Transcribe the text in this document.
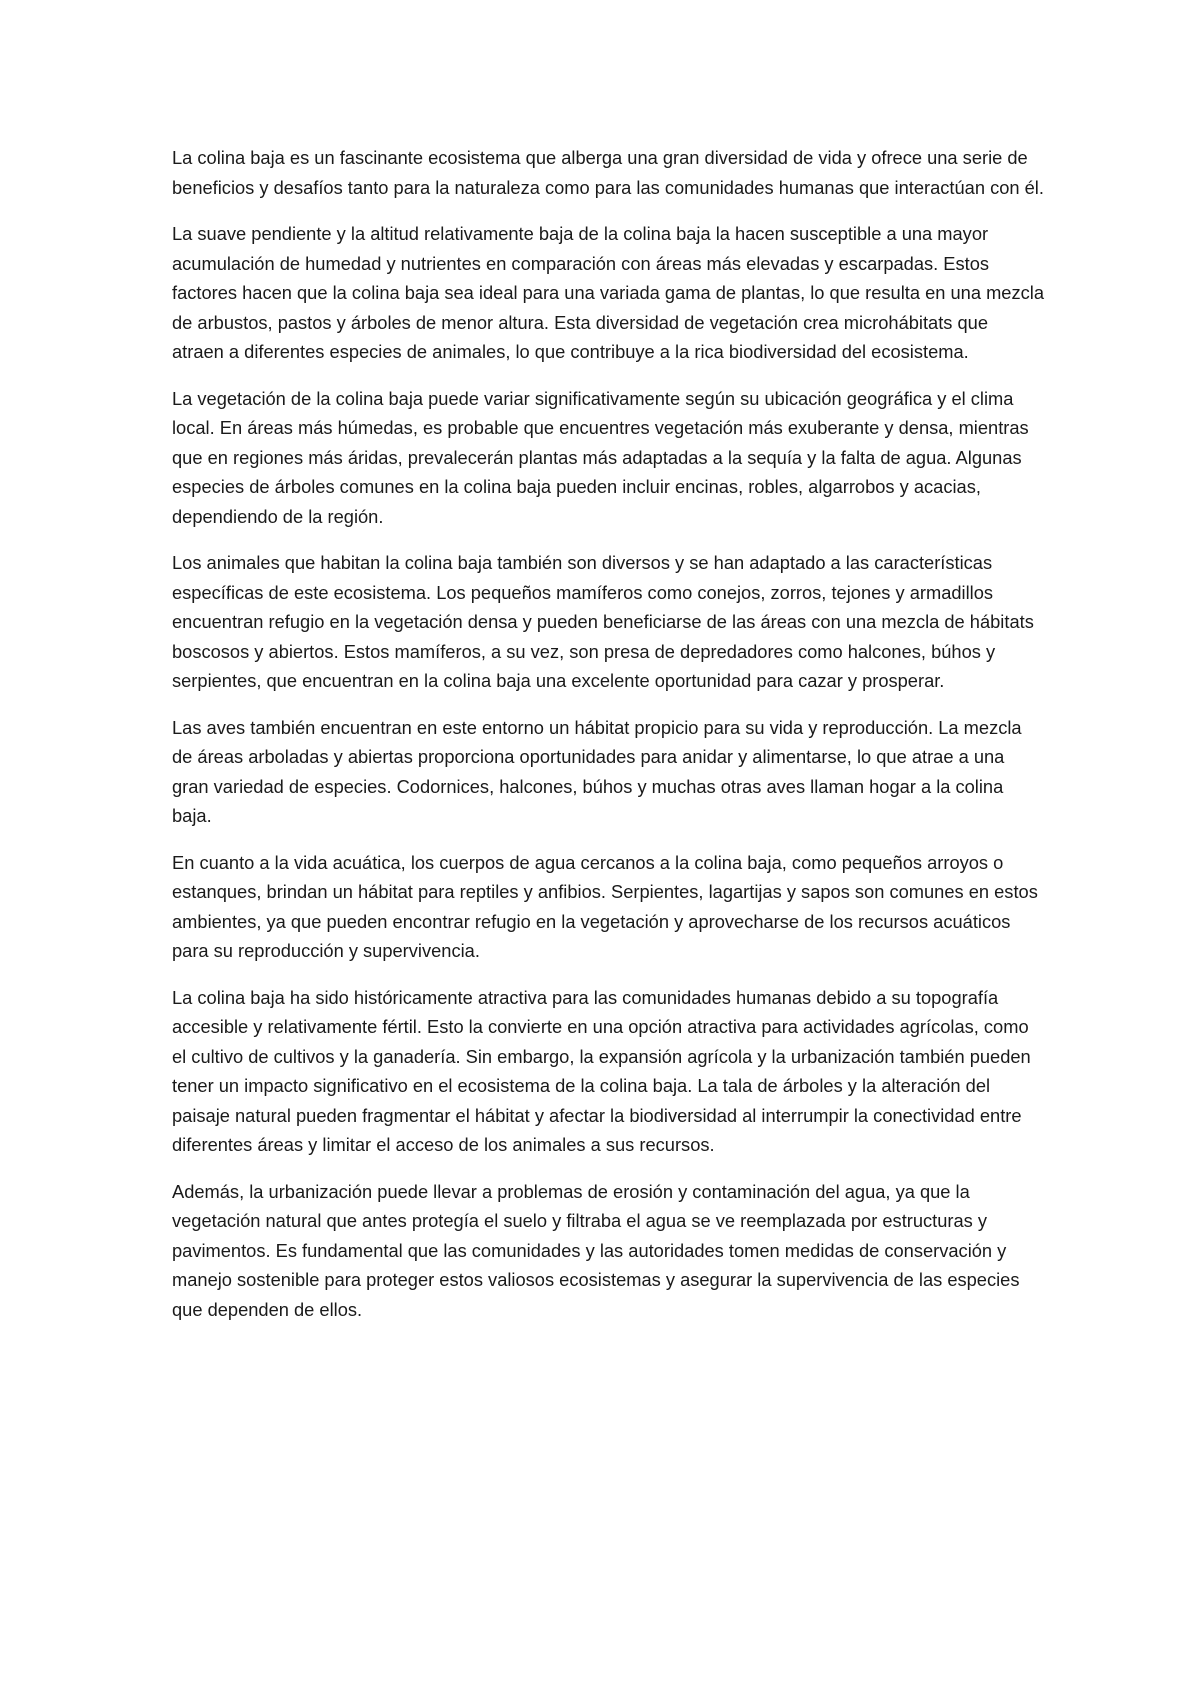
La colina baja es un fascinante ecosistema que alberga una gran diversidad de vida y ofrece una serie de beneficios y desafíos tanto para la naturaleza como para las comunidades humanas que interactúan con él.

La suave pendiente y la altitud relativamente baja de la colina baja la hacen susceptible a una mayor acumulación de humedad y nutrientes en comparación con áreas más elevadas y escarpadas. Estos factores hacen que la colina baja sea ideal para una variada gama de plantas, lo que resulta en una mezcla de arbustos, pastos y árboles de menor altura. Esta diversidad de vegetación crea microhábitats que atraen a diferentes especies de animales, lo que contribuye a la rica biodiversidad del ecosistema.

La vegetación de la colina baja puede variar significativamente según su ubicación geográfica y el clima local. En áreas más húmedas, es probable que encuentres vegetación más exuberante y densa, mientras que en regiones más áridas, prevalecerán plantas más adaptadas a la sequía y la falta de agua. Algunas especies de árboles comunes en la colina baja pueden incluir encinas, robles, algarrobos y acacias, dependiendo de la región.

Los animales que habitan la colina baja también son diversos y se han adaptado a las características específicas de este ecosistema. Los pequeños mamíferos como conejos, zorros, tejones y armadillos encuentran refugio en la vegetación densa y pueden beneficiarse de las áreas con una mezcla de hábitats boscosos y abiertos. Estos mamíferos, a su vez, son presa de depredadores como halcones, búhos y serpientes, que encuentran en la colina baja una excelente oportunidad para cazar y prosperar.

Las aves también encuentran en este entorno un hábitat propicio para su vida y reproducción. La mezcla de áreas arboladas y abiertas proporciona oportunidades para anidar y alimentarse, lo que atrae a una gran variedad de especies. Codornices, halcones, búhos y muchas otras aves llaman hogar a la colina baja.

En cuanto a la vida acuática, los cuerpos de agua cercanos a la colina baja, como pequeños arroyos o estanques, brindan un hábitat para reptiles y anfibios. Serpientes, lagartijas y sapos son comunes en estos ambientes, ya que pueden encontrar refugio en la vegetación y aprovecharse de los recursos acuáticos para su reproducción y supervivencia.

La colina baja ha sido históricamente atractiva para las comunidades humanas debido a su topografía accesible y relativamente fértil. Esto la convierte en una opción atractiva para actividades agrícolas, como el cultivo de cultivos y la ganadería. Sin embargo, la expansión agrícola y la urbanización también pueden tener un impacto significativo en el ecosistema de la colina baja. La tala de árboles y la alteración del paisaje natural pueden fragmentar el hábitat y afectar la biodiversidad al interrumpir la conectividad entre diferentes áreas y limitar el acceso de los animales a sus recursos.

Además, la urbanización puede llevar a problemas de erosión y contaminación del agua, ya que la vegetación natural que antes protegía el suelo y filtraba el agua se ve reemplazada por estructuras y pavimentos. Es fundamental que las comunidades y las autoridades tomen medidas de conservación y manejo sostenible para proteger estos valiosos ecosistemas y asegurar la supervivencia de las especies que dependen de ellos.
